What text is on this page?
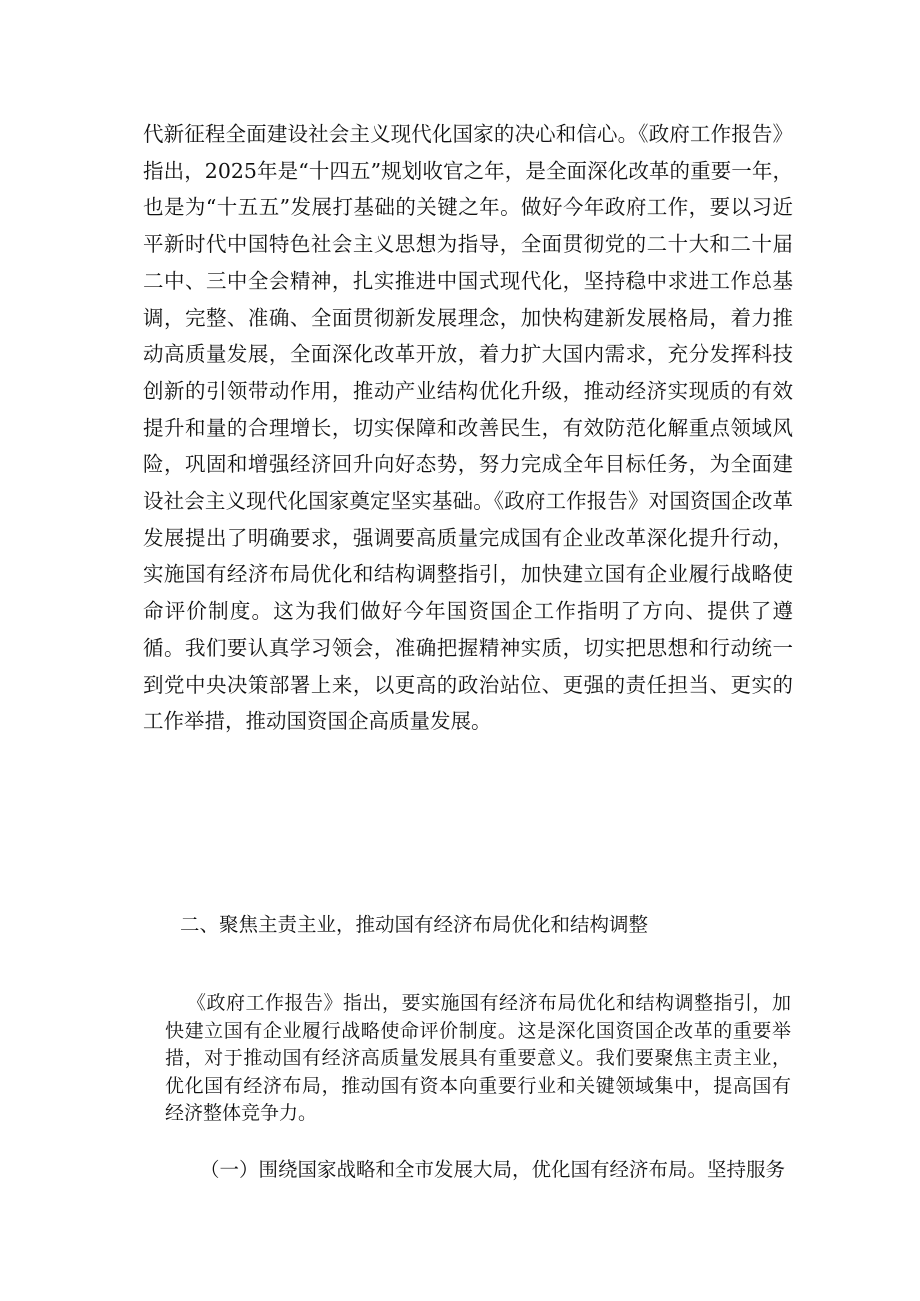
代新征程全面建设社会主义现代化国家的决心和信心。《政府工作报告》指出，2025年是“十四五”规划收官之年，是全面深化改革的重要一年，也是为“十五五”发展打基础的关键之年。做好今年政府工作，要以习近平新时代中国特色社会主义思想为指导，全面贯彻党的二十大和二十届二中、三中全会精神，扎实推进中国式现代化，坚持稳中求进工作总基调，完整、准确、全面贯彻新发展理念，加快构建新发展格局，着力推动高质量发展，全面深化改革开放，着力扩大国内需求，充分发挥科技创新的引领带动作用，推动产业结构优化升级，推动经济实现质的有效提升和量的合理增长，切实保障和改善民生，有效防范化解重点领域风险，巩固和增强经济回升向好态势，努力完成全年目标任务，为全面建设社会主义现代化国家奠定坚实基础。《政府工作报告》对国资国企改革发展提出了明确要求，强调要高质量完成国有企业改革深化提升行动，实施国有经济布局优化和结构调整指引，加快建立国有企业履行战略使命评价制度。这为我们做好今年国资国企工作指明了方向、提供了遵循。我们要认真学习领会，准确把握精神实质，切实把思想和行动统一到党中央决策部署上来，以更高的政治站位、更强的责任担当、更实的工作举措，推动国资国企高质量发展。

二、聚焦主责主业，推动国有经济布局优化和结构调整

《政府工作报告》指出，要实施国有经济布局优化和结构调整指引，加快建立国有企业履行战略使命评价制度。这是深化国资国企改革的重要举措，对于推动国有经济高质量发展具有重要意义。我们要聚焦主责主业，优化国有经济布局，推动国有资本向重要行业和关键领域集中，提高国有经济整体竞争力。

（一）围绕国家战略和全市发展大局，优化国有经济布局。坚持服务
